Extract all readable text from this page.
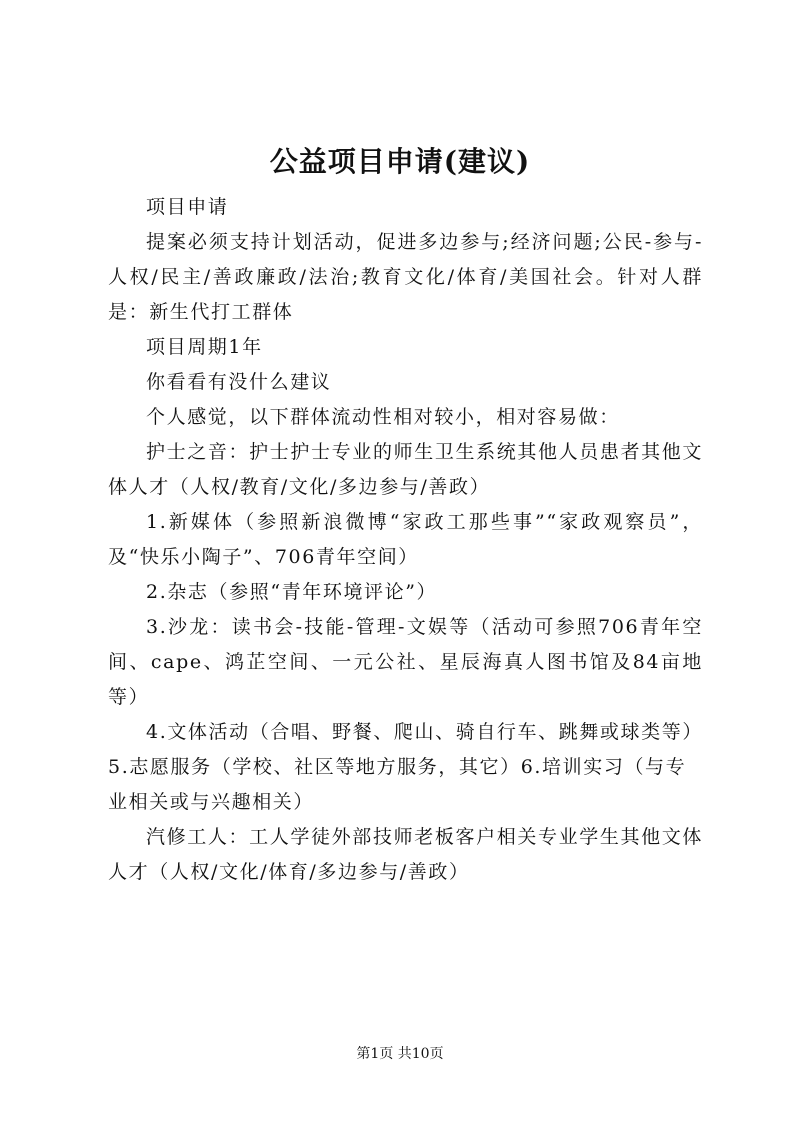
公益项目申请(建议)

项目申请

提案必须支持计划活动，促进多边参与;经济问题;公民-参与-人权/民主/善政廉政/法治;教育文化/体育/美国社会。针对人群是：新生代打工群体

项目周期1年

你看看有没什么建议

个人感觉，以下群体流动性相对较小，相对容易做：

护士之音：护士护士专业的师生卫生系统其他人员患者其他文体人才（人权/教育/文化/多边参与/善政）

1.新媒体（参照新浪微博“家政工那些事”“家政观察员”，及“快乐小陶子”、706青年空间）

2.杂志（参照“青年环境评论”）

3.沙龙：读书会-技能-管理-文娱等（活动可参照706青年空间、cape、鸿芷空间、一元公社、星辰海真人图书馆及84亩地等）

4.文体活动（合唱、野餐、爬山、骑自行车、跳舞或球类等）

5.志愿服务（学校、社区等地方服务，其它）6.培训实习（与专业相关或与兴趣相关）

汽修工人：工人学徒外部技师老板客户相关专业学生其他文体人才（人权/文化/体育/多边参与/善政）

第1页 共10页
